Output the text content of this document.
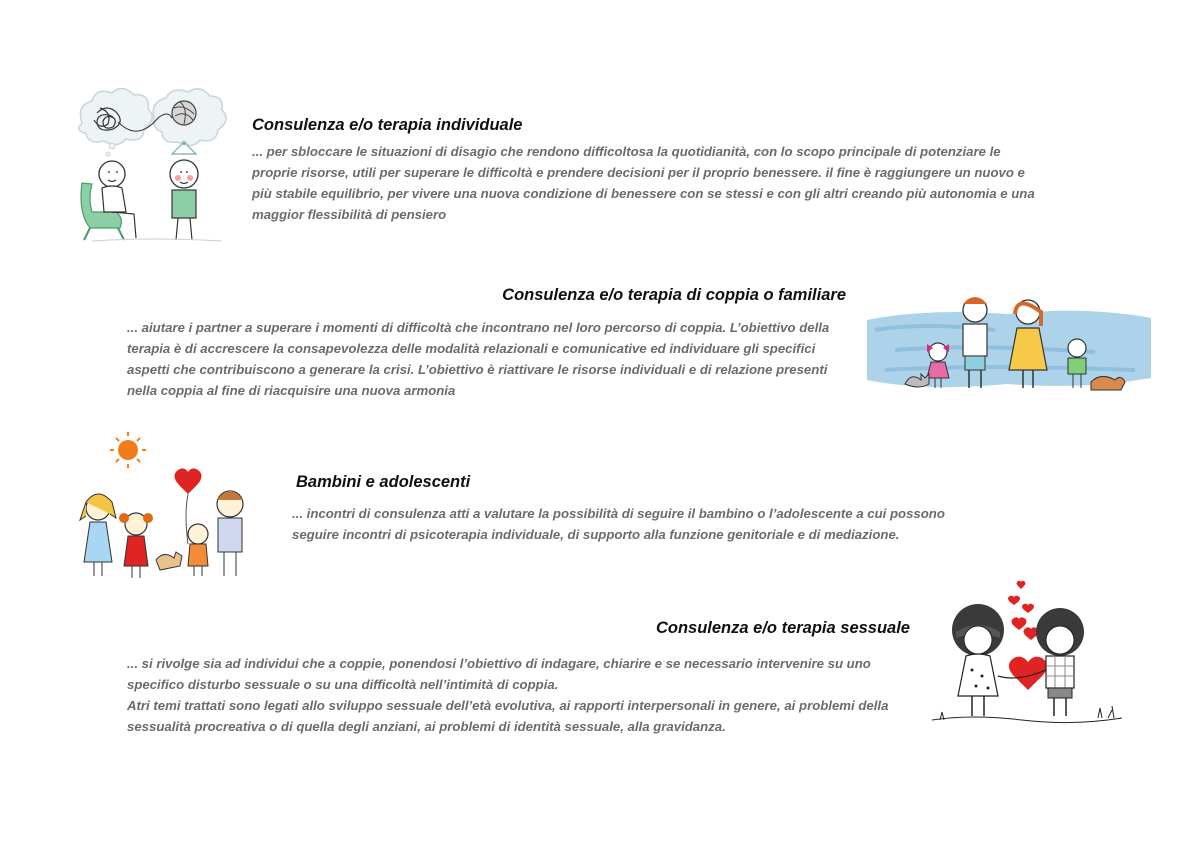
Consulenza e/o terapia individuale
... per sbloccare le situazioni di disagio che rendono difficoltosa la quotidianità, con lo scopo principale di potenziare le proprie risorse, utili per superare le difficoltà e prendere decisioni per il proprio benessere. il fine è raggiungere un nuovo e più stabile equilibrio, per vivere una nuova condizione di benessere con se stessi e con gli altri creando più autonomia e una maggior flessibilità di pensiero
Consulenza e/o terapia di coppia o familiare
... aiutare i partner a superare i momenti di difficoltà che incontrano nel loro percorso di coppia. L’obiettivo della terapia è di accrescere la consapevolezza delle modalità relazionali e comunicative ed individuare gli specifici aspetti che contribuiscono a generare la crisi. L’obiettivo è riattivare le risorse individuali e di relazione presenti nella coppia al fine di riacquisire una nuova armonia
Bambini e adolescenti
... incontri di consulenza atti a valutare la possibilità di seguire il bambino o l’adolescente a cui possono seguire incontri di psicoterapia individuale, di supporto alla funzione genitoriale e di mediazione.
Consulenza e/o terapia sessuale

... si rivolge sia ad individui che a coppie, ponendosi l’obiettivo di indagare, chiarire e se necessario intervenire su uno specifico disturbo sessuale o su una difficoltà nell’intimità di coppia.

Atri temi trattati sono legati allo sviluppo sessuale dell’età evolutiva, ai rapporti interpersonali in genere, ai problemi della sessualità procreativa o di quella degli anziani, ai problemi di identità sessuale, alla gravidanza.
